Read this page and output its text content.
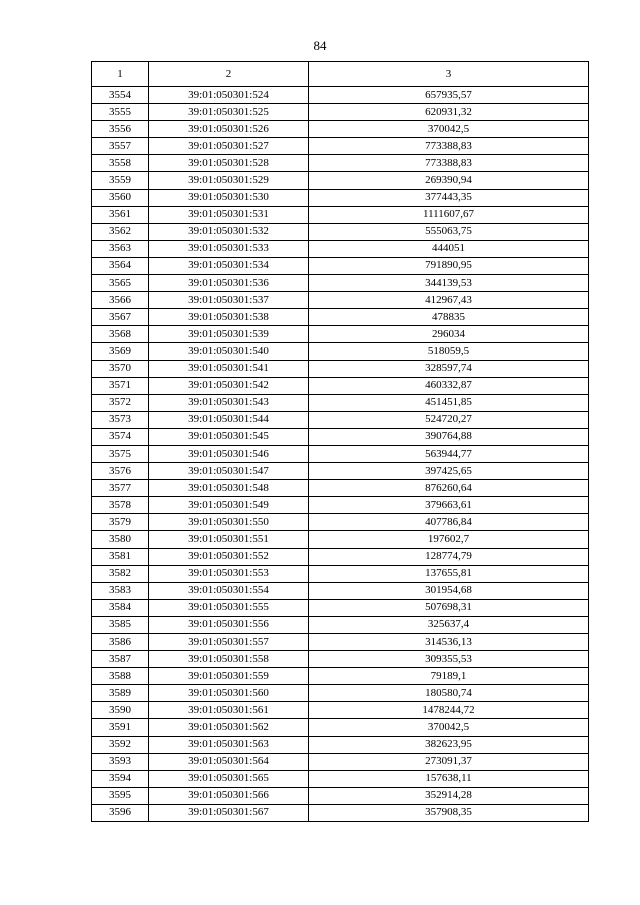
84
1	2	3
3554	39:01:050301:524	657935,57
3555	39:01:050301:525	620931,32
3556	39:01:050301:526	370042,5
3557	39:01:050301:527	773388,83
3558	39:01:050301:528	773388,83
3559	39:01:050301:529	269390,94
3560	39:01:050301:530	377443,35
3561	39:01:050301:531	1111607,67
3562	39:01:050301:532	555063,75
3563	39:01:050301:533	444051
3564	39:01:050301:534	791890,95
3565	39:01:050301:536	344139,53
3566	39:01:050301:537	412967,43
3567	39:01:050301:538	478835
3568	39:01:050301:539	296034
3569	39:01:050301:540	518059,5
3570	39:01:050301:541	328597,74
3571	39:01:050301:542	460332,87
3572	39:01:050301:543	451451,85
3573	39:01:050301:544	524720,27
3574	39:01:050301:545	390764,88
3575	39:01:050301:546	563944,77
3576	39:01:050301:547	397425,65
3577	39:01:050301:548	876260,64
3578	39:01:050301:549	379663,61
3579	39:01:050301:550	407786,84
3580	39:01:050301:551	197602,7
3581	39:01:050301:552	128774,79
3582	39:01:050301:553	137655,81
3583	39:01:050301:554	301954,68
3584	39:01:050301:555	507698,31
3585	39:01:050301:556	325637,4
3586	39:01:050301:557	314536,13
3587	39:01:050301:558	309355,53
3588	39:01:050301:559	79189,1
3589	39:01:050301:560	180580,74
3590	39:01:050301:561	1478244,72
3591	39:01:050301:562	370042,5
3592	39:01:050301:563	382623,95
3593	39:01:050301:564	273091,37
3594	39:01:050301:565	157638,11
3595	39:01:050301:566	352914,28
3596	39:01:050301:567	357908,35
